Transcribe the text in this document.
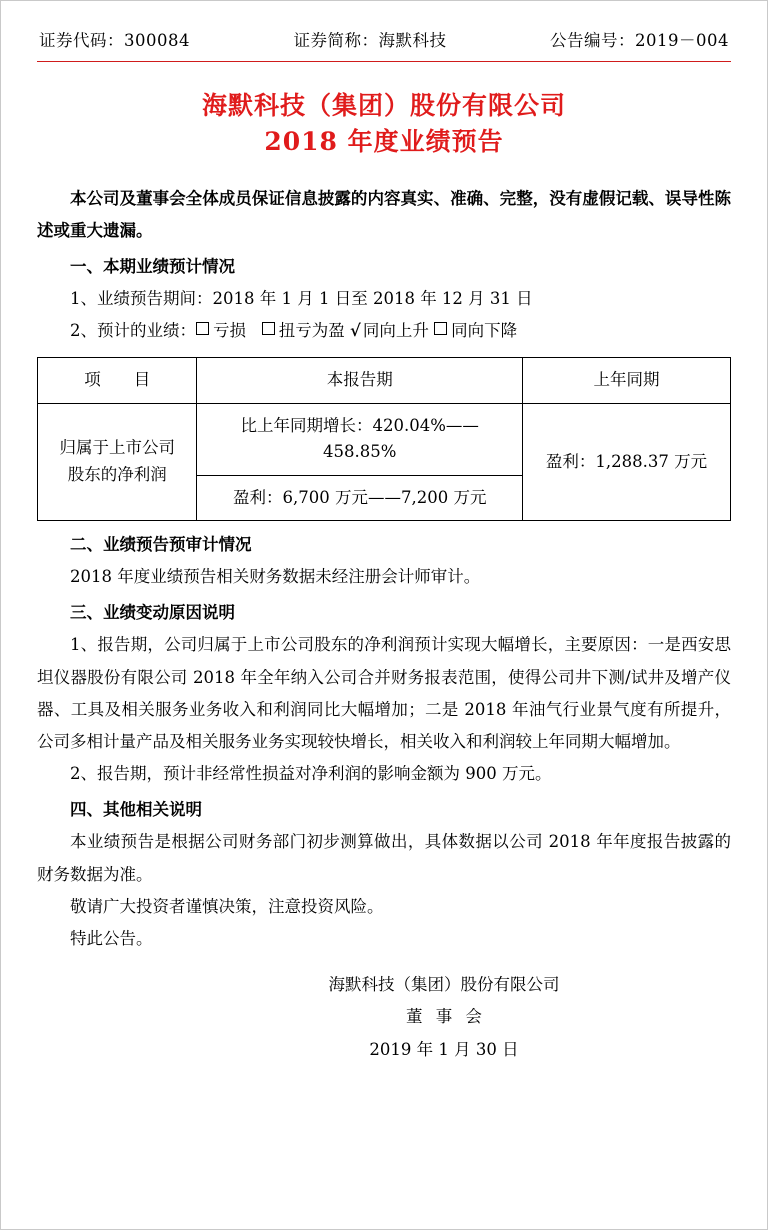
证券代码：300084	证券简称：海默科技	公告编号：2019－004
海默科技（集团）股份有限公司
2018 年度业绩预告

本公司及董事会全体成员保证信息披露的内容真实、准确、完整，没有虚假记载、误导性陈述或重大遗漏。

一、本期业绩预计情况

1、业绩预告期间：2018 年 1 月 1 日至 2018 年 12 月 31 日

2、预计的业绩： 亏损 扭亏为盈 √ 同向上升 同向下降

项　　目	本报告期	上年同期

归属于上市公司
股东的净利润	比上年同期增长：420.04%——458.85%	盈利：1,288.37 万元
	盈利：6,700 万元——7,200 万元	

二、业绩预告预审计情况

2018 年度业绩预告相关财务数据未经注册会计师审计。

三、业绩变动原因说明

1、报告期，公司归属于上市公司股东的净利润预计实现大幅增长，主要原因：一是西安思坦仪器股份有限公司 2018 年全年纳入公司合并财务报表范围，使得公司井下测/试井及增产仪器、工具及相关服务业务收入和利润同比大幅增加；二是 2018 年油气行业景气度有所提升，公司多相计量产品及相关服务业务实现较快增长，相关收入和利润较上年同期大幅增加。

2、报告期，预计非经常性损益对净利润的影响金额为 900 万元。

四、其他相关说明

本业绩预告是根据公司财务部门初步测算做出，具体数据以公司 2018 年年度报告披露的财务数据为准。

敬请广大投资者谨慎决策，注意投资风险。

特此公告。

海默科技（集团）股份有限公司
董事会
2019 年 1 月 30 日
